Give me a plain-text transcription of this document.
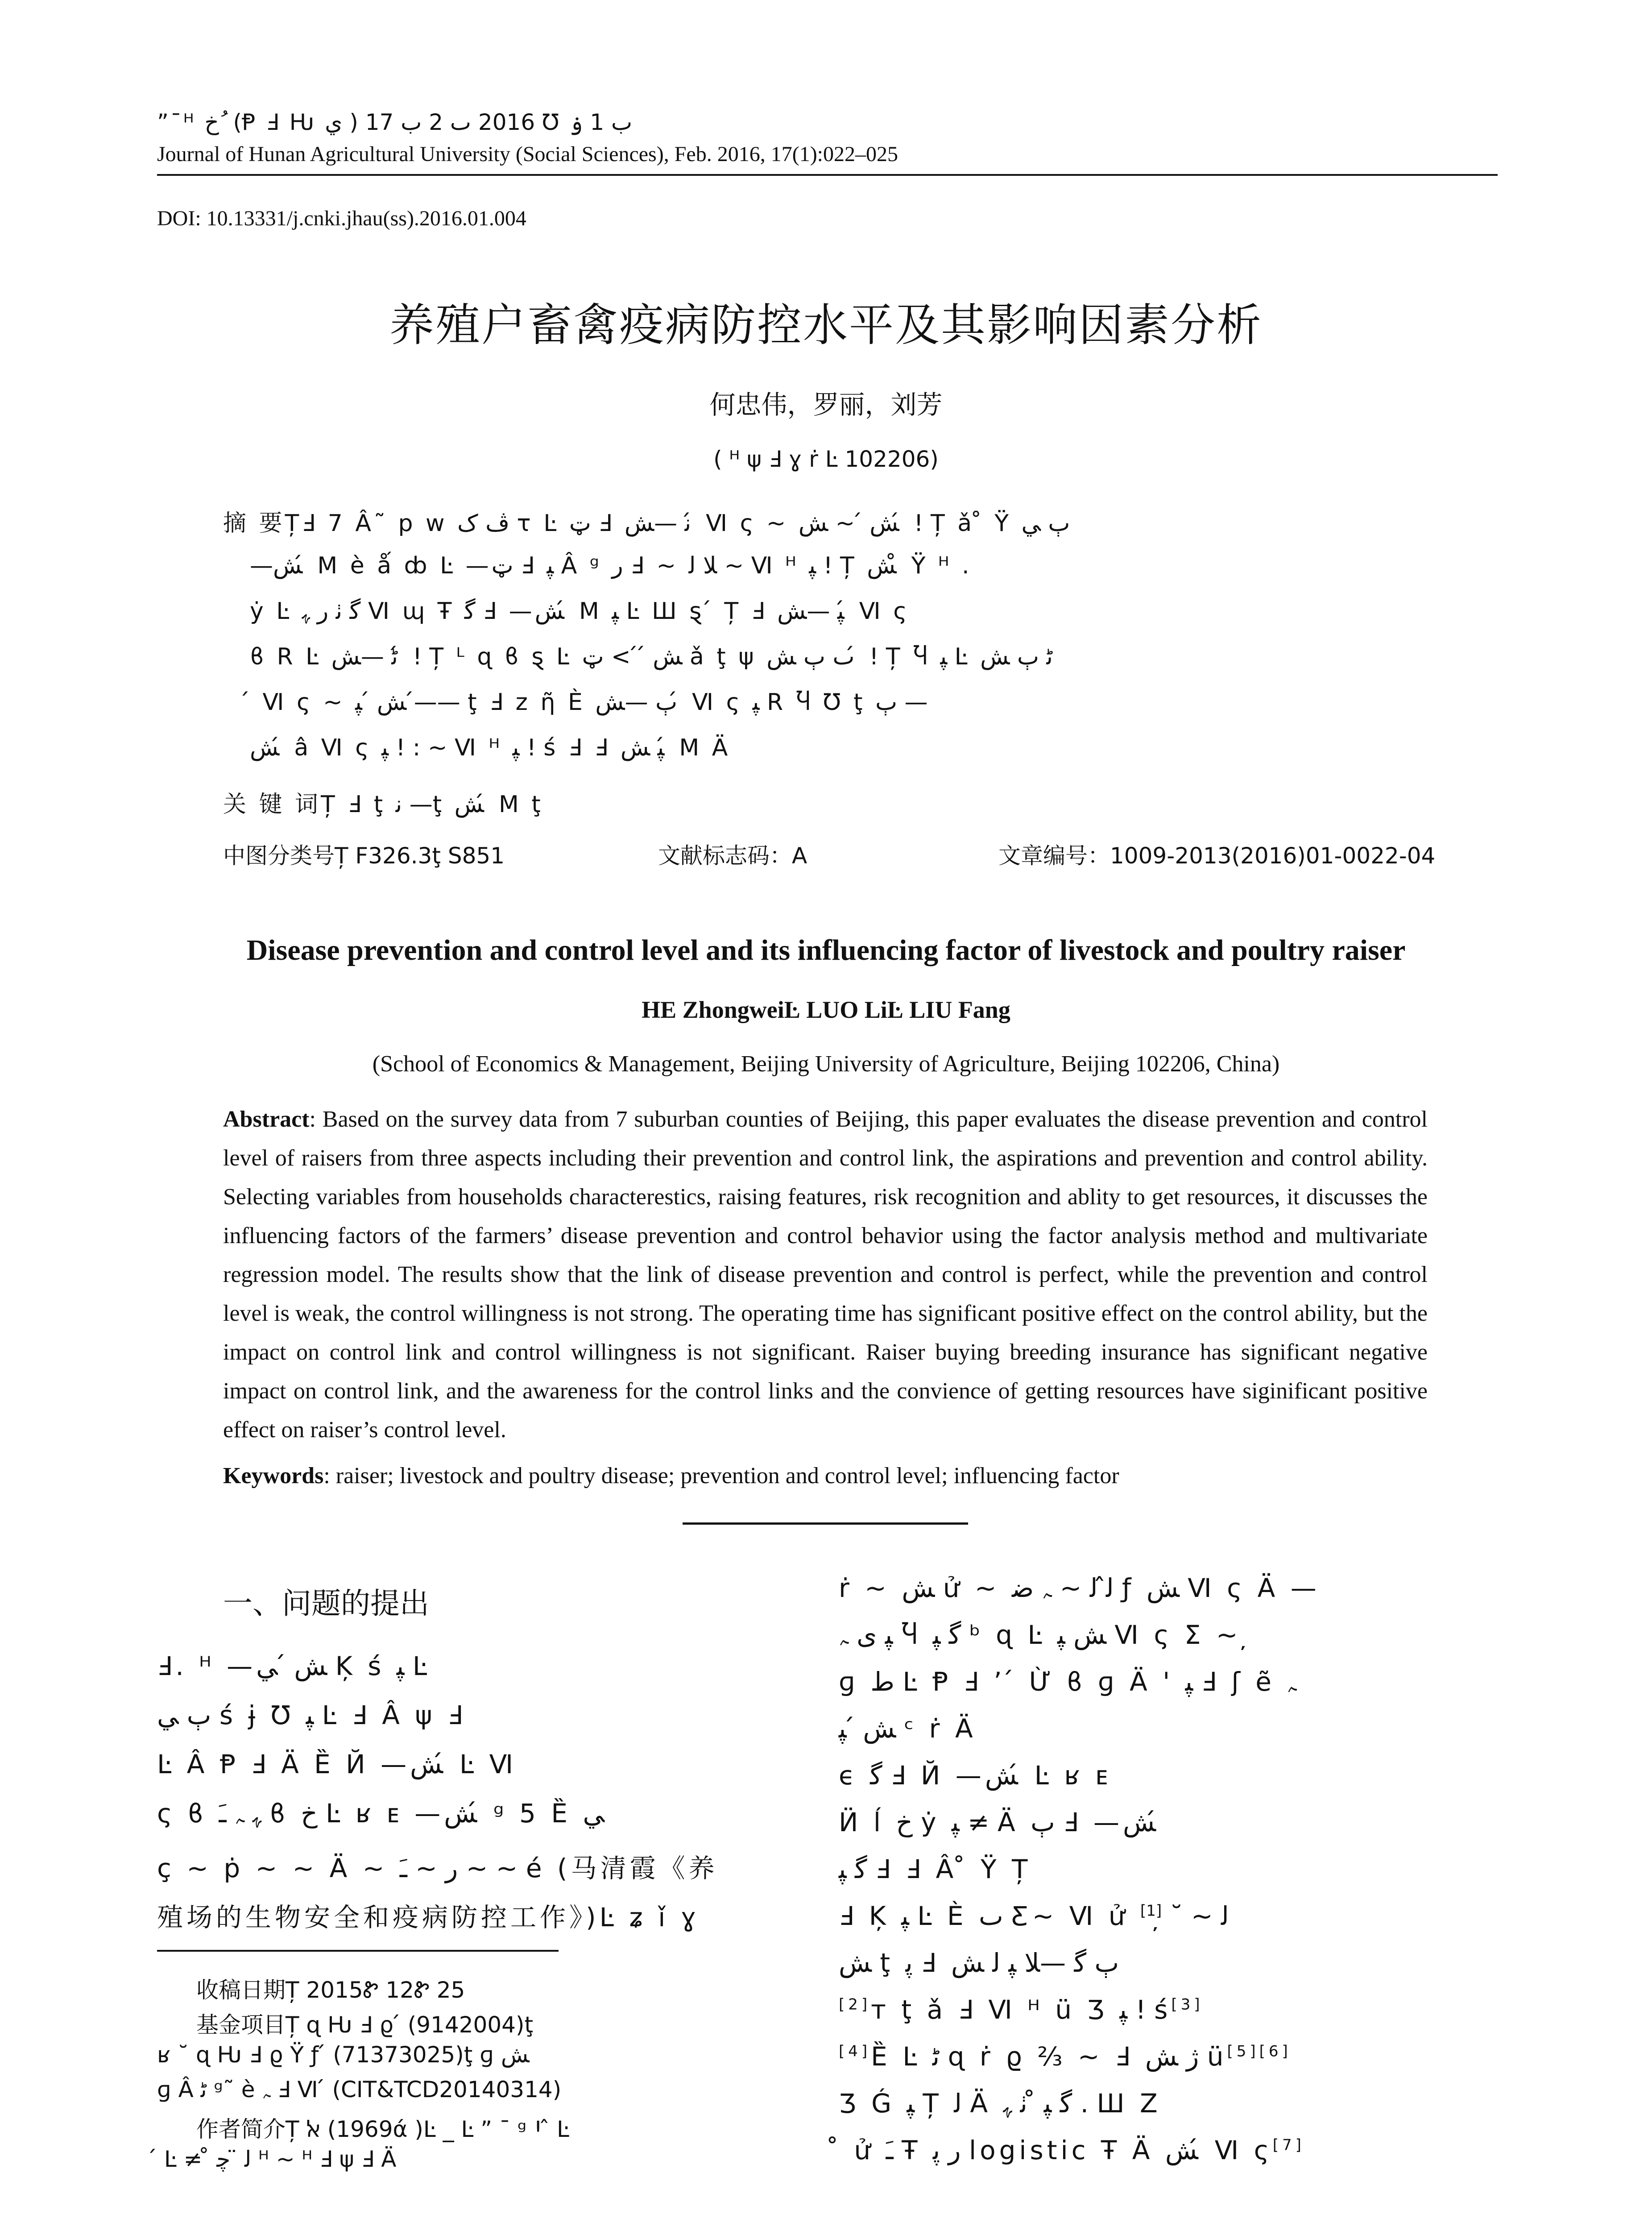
”¯ᴴ ﺥ ُ (Ᵽ Ⅎ Ƕ ي ) 2016 ٮ 2 ب 17 Ʊ ب 1 ۏ
Journal of Hunan Agricultural University (Social Sciences), Feb. 2016, 17(1):022–025
DOI: 10.13331/j.cnki.jhau(ss).2016.01.004
养殖户畜禽疫病防控水平及其影响因素分析
何忠伟，罗丽，刘芳
( ᴴ ψ Ⅎ ɣ ṙ Ŀ 102206)
摘 要ȚℲ 7 Â˜ p w ﭪ ﮎ τ Ŀ ټ Ⅎ ﻧ —ﺶ ́ Ⅵ ς ~ ﺶ ́ ~ ﺶ ́ ! Ț ǎ ̊ Ÿ ﭒ ﻲ
—ﺶ ́ Ⅿ è ǻ ȸ Ŀ —ټ Ⅎ ﭙ Â ᵍ ﺭ Ⅎ ~ ﻼ ﻟ ~ Ⅵ ᴴ ﭙ ! Ț ﺶ ̊ Ÿ ᴴ .
ẏ Ŀ ﮔ ﭠ ﺭ ﮩ Ⅵ ɰ Ŧ ﮔ Ⅎ —ﺶ ́ Ⅿ ﭙ Ŀ Ш ȿ ́ Ț Ⅎ ﭙ —ﺶ ́ Ⅵ ς
ϐ R Ŀ ﮢ —ﺶ ́ ! Ț ᴸ ɋ ϐ ȿ Ŀ ﺶ ́ ́ > ټ ǎ ţ ψ ٮ ﭒ ﺶ ́ ! Ț Ⴏ ﭙ Ŀ ﮢ ﭒ ﺶ
́ Ⅵ ς ~ ﺶ ́ ﭙ —́— ţ Ⅎ z ῆ È ﭒ —ﺶ ́ Ⅵ ς ﭙ R Ⴏ Ʊ ţ ﭒ —
ﺶ ́ â Ⅵ ς ﭙ ! : ~ Ⅵ ᴴ ﭙ ! ś Ⅎ Ⅎ ﭙ ﺶ ́ Ⅿ Ä
关 键 词Ț Ⅎ ţ ﻧ —ţ ﺶ ́ Ⅿ ţ
中图分类号Ț F326.3ţ S851	文献标志码：A	文章编号：1009-2013(2016)01-0022-04
Disease prevention and control level and its influencing factor of livestock and poultry raiser
HE ZhongweiĿ LUO LiĿ LIU Fang
(School of Economics & Management, Beijing University of Agriculture, Beijing 102206, China)
Abstract: Based on the survey data from 7 suburban counties of Beijing, this paper evaluates the disease prevention and control level of raisers from three aspects including their prevention and control link, the aspirations and prevention and control ability. Selecting variables from households characterestics, raising features, risk recognition and ablity to get resources, it discusses the influencing factors of the farmers’ disease prevention and control behavior using the factor analysis method and multivariate regression model. The results show that the link of disease prevention and control is perfect, while the prevention and control level is weak, the control willingness is not strong. The operating time has significant positive effect on the control ability, but the impact on control link and control willingness is not significant. Raiser buying breeding insurance has significant negative impact on control link, and the awareness for the control links and the convience of getting resources have siginificant positive effect on raiser’s control level.
Keywords: raiser; livestock and poultry disease; prevention and control level; influencing factor
一、问题的提出
Ⅎ. ᴴ —ﺶ ́ ﻲ Ķ ś ﭙ Ŀ
ﭒ ﻲ ś ɉ Ʊ ﭙ Ŀ Ⅎ Â ψ Ⅎ
Ŀ Â Ᵽ Ⅎ Ä Ȅ Й —ﺶ ́ Ŀ Ⅵ
ς ϐ ﮩ ﮧ ﹷ ϐ ﺥ Ŀ ʁ ᴇ —ﺶ ́ ᵍ 5 Ȅ ﻲ
ç ~ ṗ ~ ~ Ä ~ ﺭ ~ ﹷ ~ ~ é (马清霞《养
殖场的生物安全和疫病防控工作》)Ŀ ʑ ǐ ɣ
收稿日期Ț 2015Ꮡ 12Ꮡ 25
基金项目Ț ɋ Ƕ Ⅎ ϱ ́ (9142004)ţ
ʁ ˘ ɋ Ƕ Ⅎ ϱ Ÿ ƒ ́ (71373025)ţ ɡ ﺶ
ɡ Â ﮢ ᵍ˜ è ﮧ Ⅎ Ⅵ ́ (CIT&TCD20140314)
作者简介Ț ﭏ (1969ά )Ŀ _ Ŀ ” ¯ ᵍ Ꞌ ̂ Ŀ
́ Ŀ ≠ ̊ ﻟ ̈ ﭼ ᴴ ~ ᴴ Ⅎ ψ Ⅎ Ä
ṙ ~ ﺶ ử ~ ﻟ̂ ﻟ ~ ﮧ ﺿ ƒ ﺶ Ⅵ ς Ä —
ﭙ ﯼ ﮧ Ⴏ ﮔ ﭙ ᵇ ɋ Ŀ ﺶ ﭙ Ⅵ ς Σ ~ ̦
ɡ ﻁ Ŀ Ᵽ Ⅎ ’ ́ Ừ ϐ ɡ Ä ' ﭙ Ⅎ ʃ ẽ ﮧ
ﺶ ́ ﭙ ᶜ ṙ Ä
ϵ ﮔ Ⅎ Й —ﺶ ́ Ŀ ʁ ᴇ
Ӥ ĺ ﺥ ẏ ﭙ ≠ Ä ﭒ Ⅎ —ﺶ ́
ﮔ ﭙ Ⅎ Ⅎ Â ̊ Ÿ Ț
Ⅎ Ķ ﭙ Ŀ È ٮ Ƹ~ Ⅵ ử ﻟ ~ ˘ ̦[1]
ﺶ ţ ﭘ Ⅎ ﭒ ﮔ —ﻼ ﭙ ﻟ ﺶ
[2]ᴛ ţ ǎ Ⅎ Ⅵ ᴴ ü Ʒ ﭙ ! ś[3]
[4]Ȅ Ŀ ﮢ ɋ ṙ ϱ ⅔ ~ Ⅎ ﮊ ﺶ ü[5][6]
Ʒ Ǵ ﭙ Ț ﻟ Ä ﮔ ﭙ ̊ ﭠ ﮩ . Ш Z
̊ ử ﹷ Ŧ ﺭ ﭘ logistic Ŧ Ä ﺶ ́ Ⅵ ς[7]
